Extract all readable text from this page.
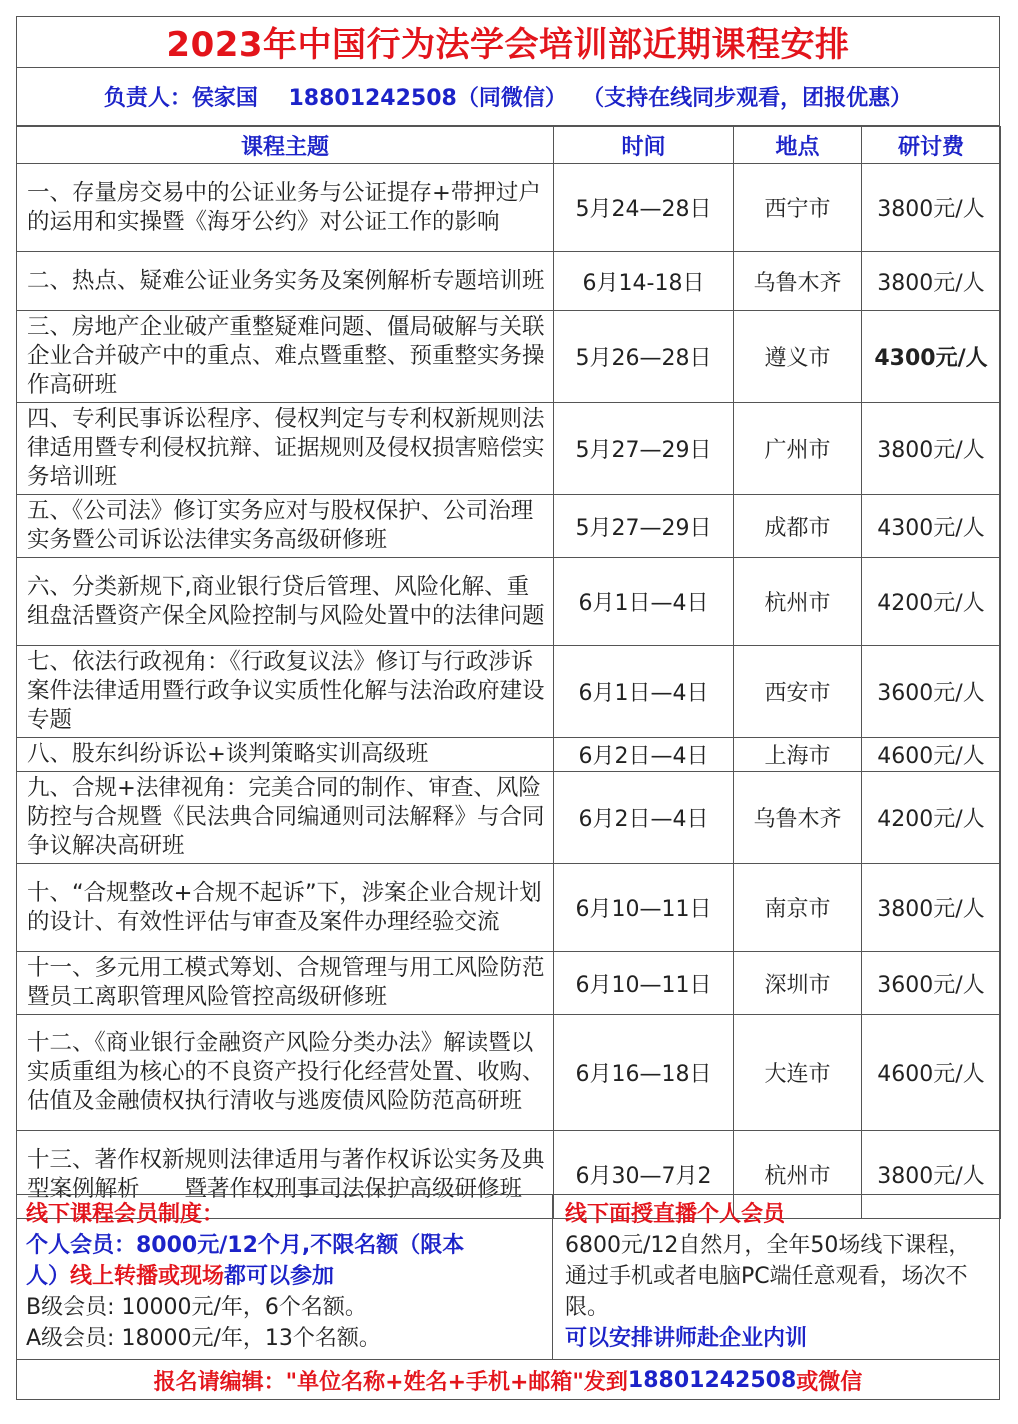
2023年中国行为法学会培训部近期课程安排
负责人：侯家国    18801242508（同微信）  （支持在线同步观看，团报优惠）
课程主题	时间	地点	研讨费
一、存量房交易中的公证业务与公证提存+带押过户的运用和实操暨《海牙公约》对公证工作的影响	5月24—28日	西宁市	3800元/人
二、热点、疑难公证业务实务及案例解析专题培训班	6月14-18日	乌鲁木齐	3800元/人
三、房地产企业破产重整疑难问题、僵局破解与关联企业合并破产中的重点、难点暨重整、预重整实务操作高研班	5月26—28日	遵义市	4300元/人
四、专利民事诉讼程序、侵权判定与专利权新规则法律适用暨专利侵权抗辩、证据规则及侵权损害赔偿实务培训班	5月27—29日	广州市	3800元/人
五、《公司法》修订实务应对与股权保护、公司治理实务暨公司诉讼法律实务高级研修班	5月27—29日	成都市	4300元/人
六、分类新规下,商业银行贷后管理、风险化解、重组盘活暨资产保全风险控制与风险处置中的法律问题	6月1日—4日	杭州市	4200元/人
七、依法行政视角：《行政复议法》修订与行政涉诉案件法律适用暨行政争议实质性化解与法治政府建设专题	6月1日—4日	西安市	3600元/人
八、股东纠纷诉讼+谈判策略实训高级班	6月2日—4日	上海市	4600元/人
九、合规+法律视角：完美合同的制作、审查、风险防控与合规暨《民法典合同编通则司法解释》与合同争议解决高研班	6月2日—4日	乌鲁木齐	4200元/人
十、“合规整改+合规不起诉”下，涉案企业合规计划的设计、有效性评估与审查及案件办理经验交流	6月10—11日	南京市	3800元/人
十一、多元用工模式筹划、合规管理与用工风险防范暨员工离职管理风险管控高级研修班	6月10—11日	深圳市	3600元/人
十二、《商业银行金融资产风险分类办法》解读暨以实质重组为核心的不良资产投行化经营处置、收购、估值及金融债权执行清收与逃废债风险防范高研班	6月16—18日	大连市	4600元/人
十三、著作权新规则法律适用与著作权诉讼实务及典型案例解析　　暨著作权刑事司法保护高级研修班	6月30—7月2	杭州市	3800元/人
线下课程会员制度：
个人会员：8000元/12个月,不限名额（限本
人）线上转播或现场都可以参加
B级会员: 10000元/年，6个名额。
A级会员: 18000元/年，13个名额。
线下面授直播个人会员
6800元/12自然月，全年50场线下课程，通过手机或者电脑PC端任意观看，场次不限。
可以安排讲师赴企业内训
报名请编辑："单位名称+姓名+手机+邮箱"发到 18801242508 或微信
